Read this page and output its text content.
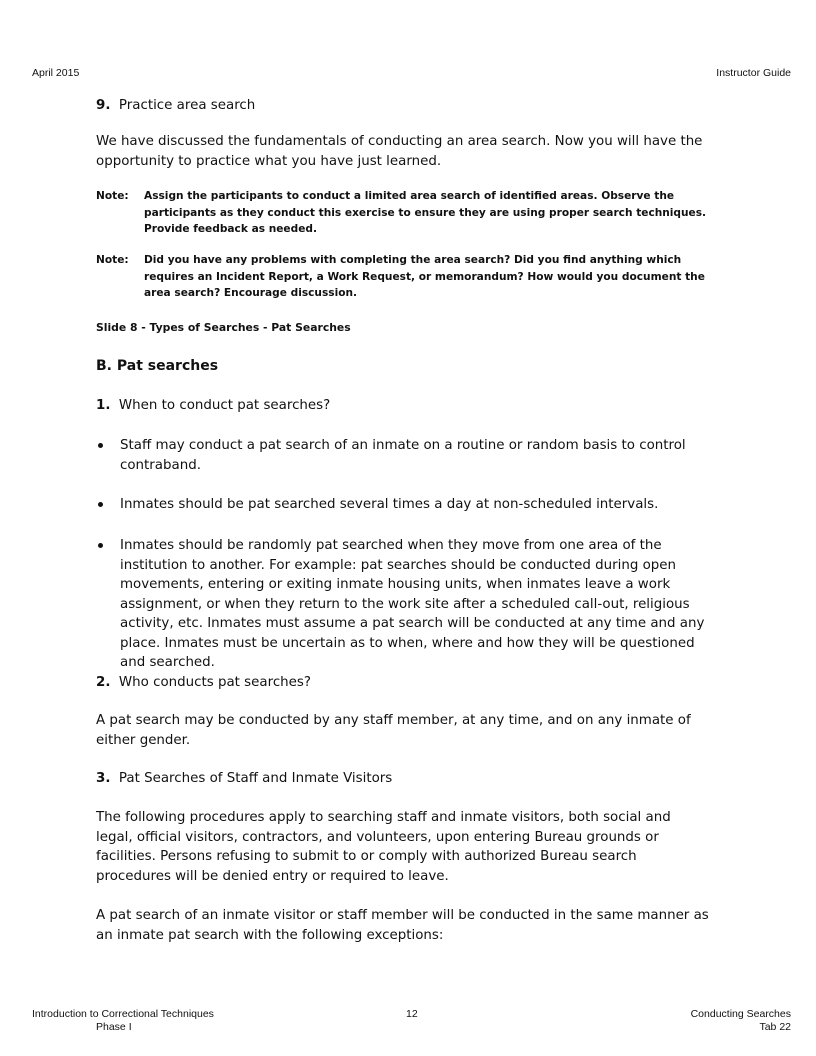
April 2015	Instructor Guide
9. Practice area search
We have discussed the fundamentals of conducting an area search. Now you will have the opportunity to practice what you have just learned.
Note: Assign the participants to conduct a limited area search of identified areas. Observe the participants as they conduct this exercise to ensure they are using proper search techniques. Provide feedback as needed.
Note: Did you have any problems with completing the area search? Did you find anything which requires an Incident Report, a Work Request, or memorandum? How would you document the area search? Encourage discussion.
Slide 8 - Types of Searches - Pat Searches
B. Pat searches
1. When to conduct pat searches?
Staff may conduct a pat search of an inmate on a routine or random basis to control contraband.
Inmates should be pat searched several times a day at non-scheduled intervals.
Inmates should be randomly pat searched when they move from one area of the institution to another. For example: pat searches should be conducted during open movements, entering or exiting inmate housing units, when inmates leave a work assignment, or when they return to the work site after a scheduled call-out, religious activity, etc. Inmates must assume a pat search will be conducted at any time and any place. Inmates must be uncertain as to when, where and how they will be questioned and searched.
2. Who conducts pat searches?
A pat search may be conducted by any staff member, at any time, and on any inmate of either gender.
3. Pat Searches of Staff and Inmate Visitors
The following procedures apply to searching staff and inmate visitors, both social and legal, official visitors, contractors, and volunteers, upon entering Bureau grounds or facilities. Persons refusing to submit to or comply with authorized Bureau search procedures will be denied entry or required to leave.
A pat search of an inmate visitor or staff member will be conducted in the same manner as an inmate pat search with the following exceptions:
Introduction to Correctional Techniques
Phase I
12	Conducting Searches
Tab 22
